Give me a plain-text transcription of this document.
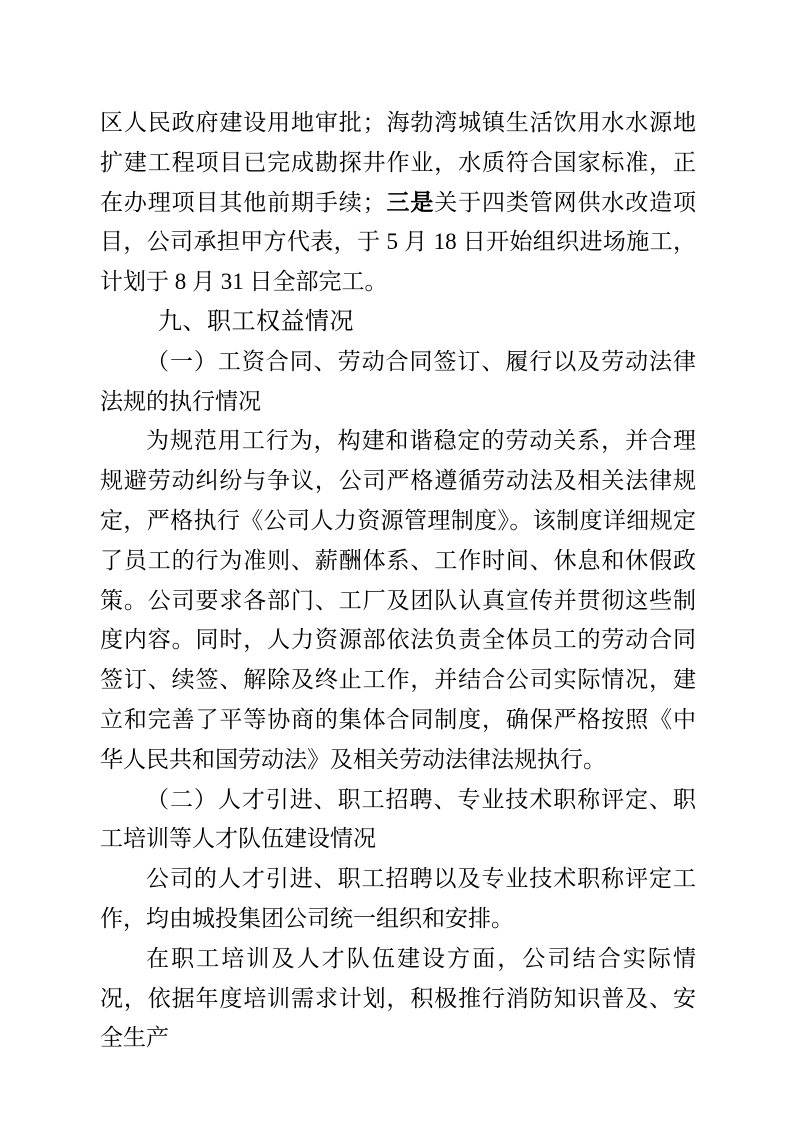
区人民政府建设用地审批；海勃湾城镇生活饮用水水源地扩建工程项目已完成勘探井作业，水质符合国家标准，正在办理项目其他前期手续；三是关于四类管网供水改造项目，公司承担甲方代表，于 5 月 18 日开始组织进场施工，计划于 8 月 31 日全部完工。

九、职工权益情况
（一）工资合同、劳动合同签订、履行以及劳动法律法规的执行情况

为规范用工行为，构建和谐稳定的劳动关系，并合理规避劳动纠纷与争议，公司严格遵循劳动法及相关法律规定，严格执行《公司人力资源管理制度》。该制度详细规定了员工的行为准则、薪酬体系、工作时间、休息和休假政策。公司要求各部门、工厂及团队认真宣传并贯彻这些制度内容。同时，人力资源部依法负责全体员工的劳动合同签订、续签、解除及终止工作，并结合公司实际情况，建立和完善了平等协商的集体合同制度，确保严格按照《中华人民共和国劳动法》及相关劳动法律法规执行。

（二）人才引进、职工招聘、专业技术职称评定、职工培训等人才队伍建设情况

公司的人才引进、职工招聘以及专业技术职称评定工作，均由城投集团公司统一组织和安排。

在职工培训及人才队伍建设方面，公司结合实际情况，依据年度培训需求计划，积极推行消防知识普及、安全生产
